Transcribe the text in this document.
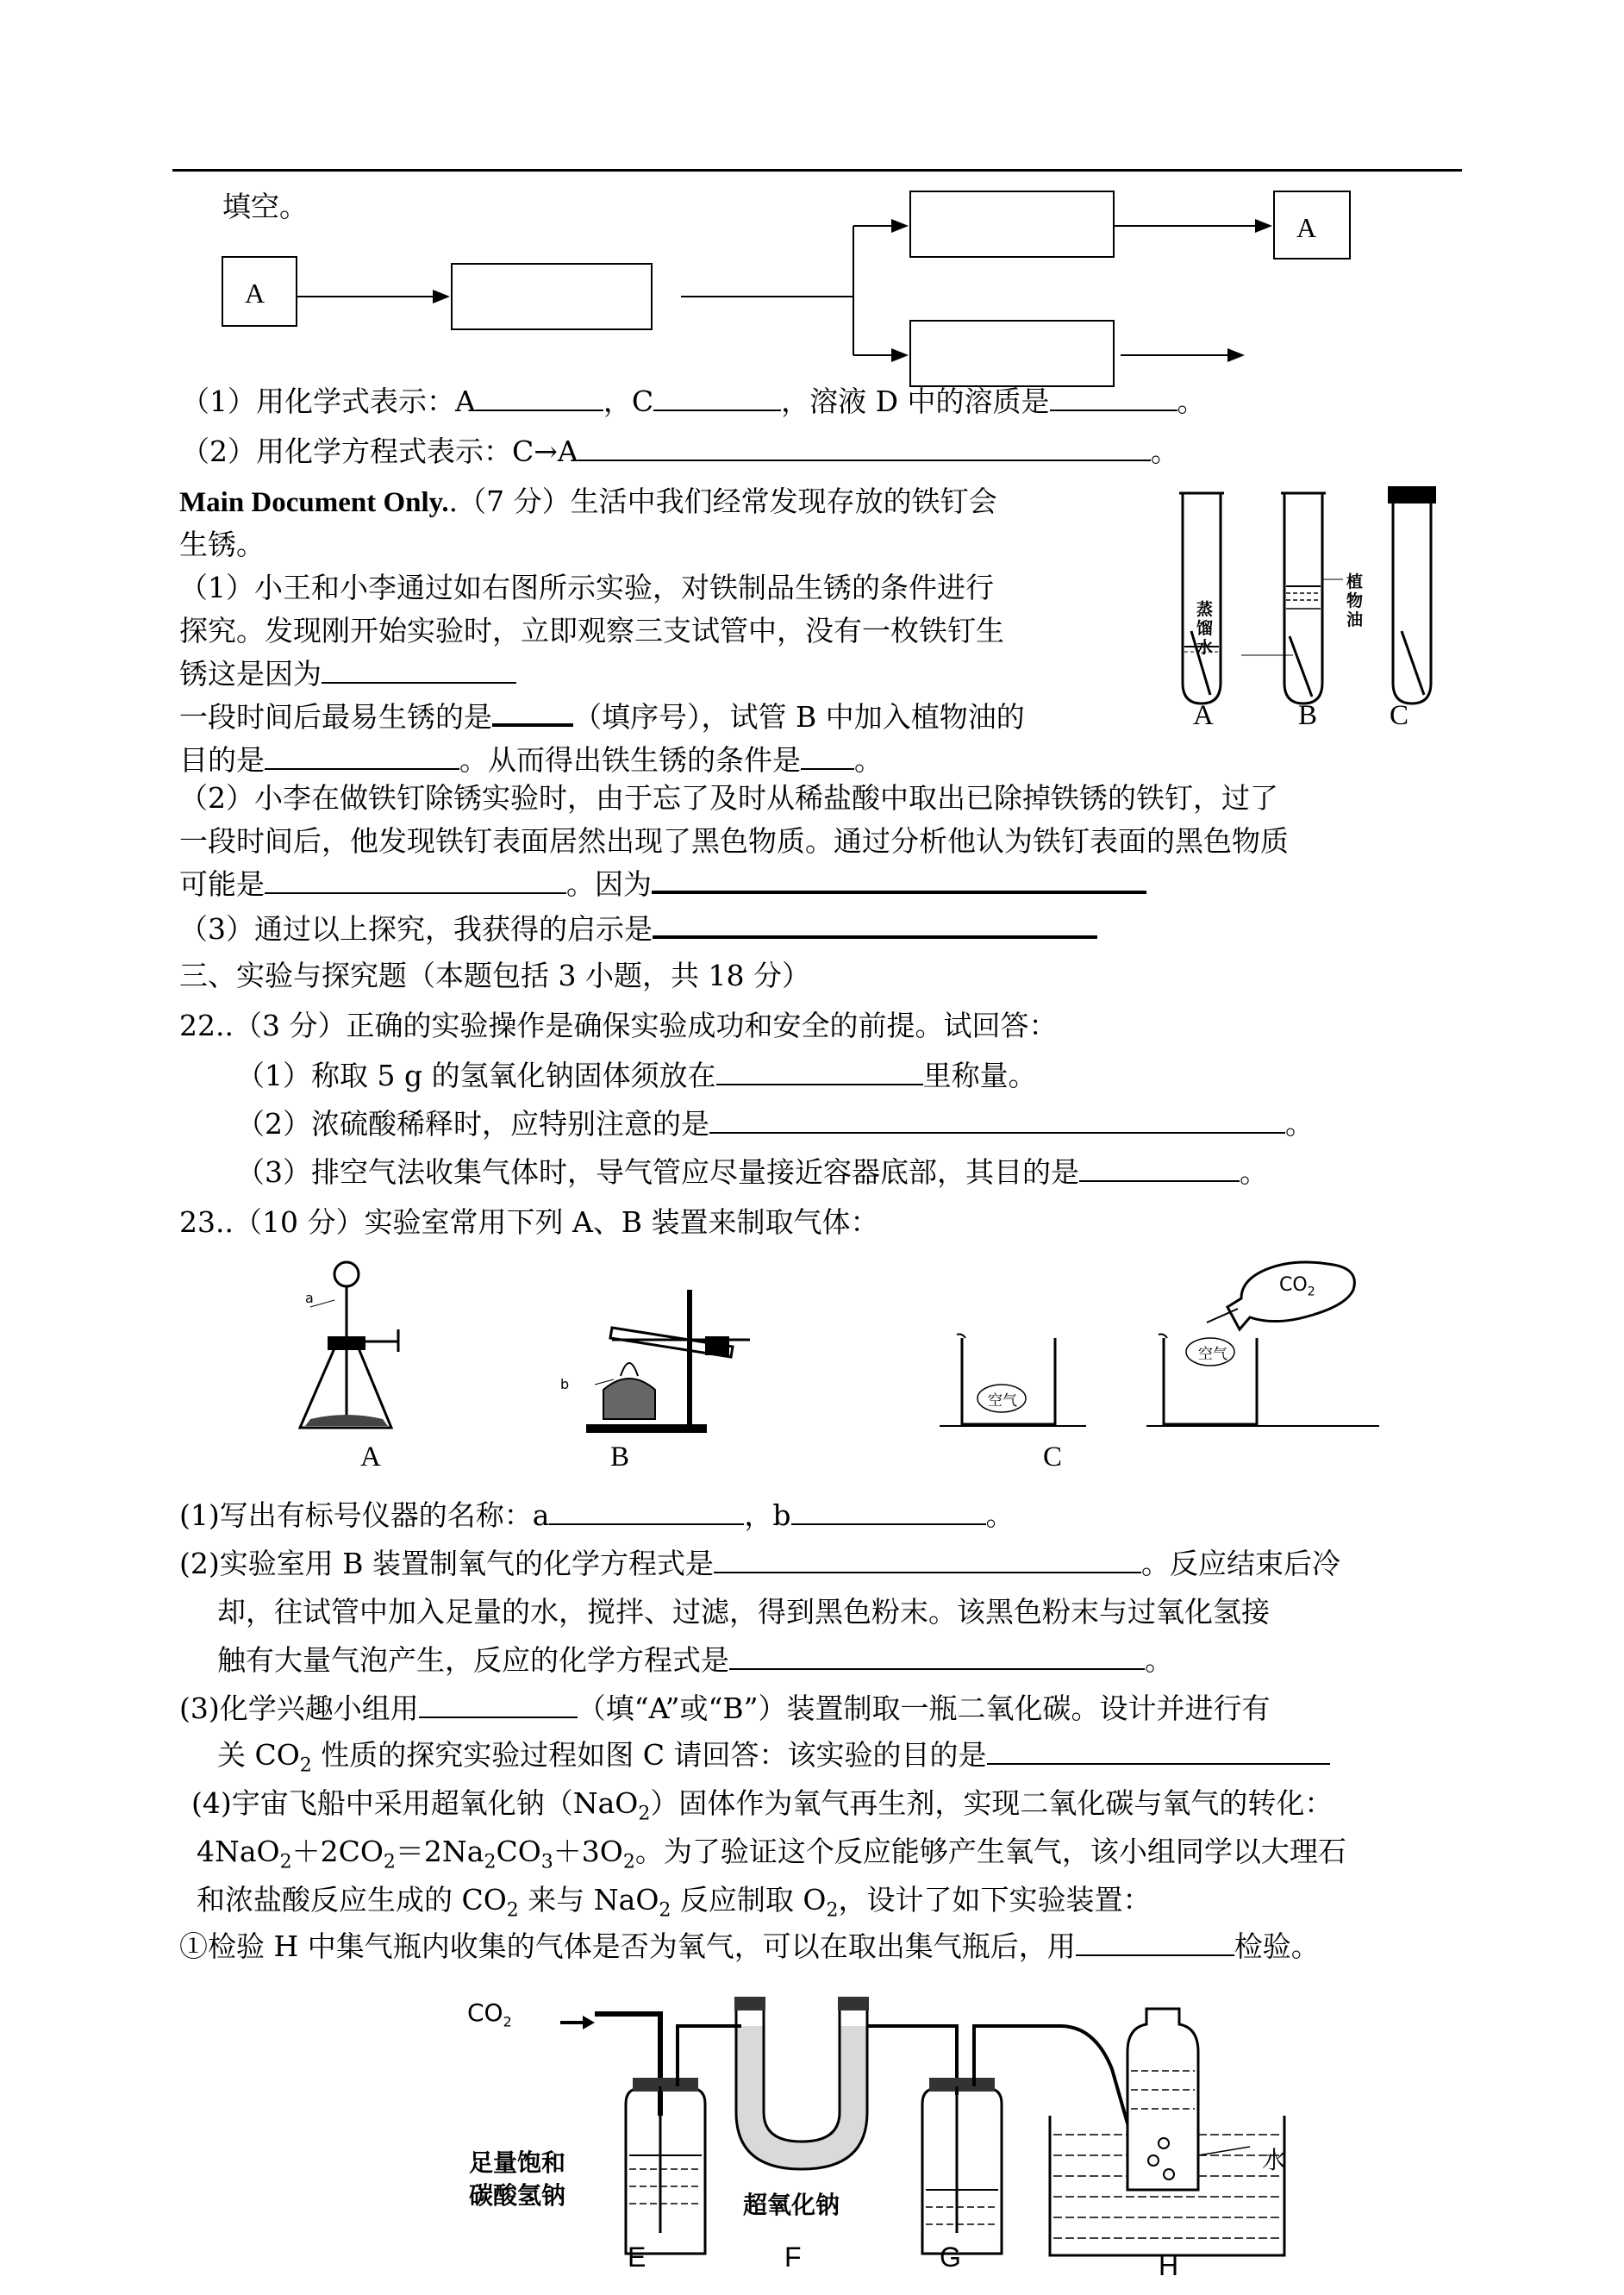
填空。
A
A
（1）用化学式表示：A	，C	，溶液 D 中的溶质是	。
（2）用化学方程式表示：C→A	。
Main Document Only..（7 分）生活中我们经常发现存放的铁钉会
生锈。
（1）小王和小李通过如右图所示实验，对铁制品生锈的条件进行
探究。发现刚开始实验时，立即观察三支试管中，没有一枚铁钉生
锈这是因为
一段时间后最易生锈的是	（填序号），试管 B 中加入植物油的
目的是	。从而得出铁生锈的条件是 。
植物油
蒸馏水
A	B	C
（2）小李在做铁钉除锈实验时，由于忘了及时从稀盐酸中取出已除掉铁锈的铁钉，过了
一段时间后，他发现铁钉表面居然出现了黑色物质。通过分析他认为铁钉表面的黑色物质
可能是	。因为
（3）通过以上探究，我获得的启示是
三、实验与探究题（本题包括 3 小题，共 18 分）
22..（3 分）正确的实验操作是确保实验成功和安全的前提。试回答：
（1）称取 5 g 的氢氧化钠固体须放在	里称量。
（2）浓硫酸稀释时，应特别注意的是	。
（3）排空气法收集气体时，导气管应尽量接近容器底部，其目的是	。
23..（10 分）实验室常用下列 A、B 装置来制取气体：
a
b
空气
空气
$CO_2$
A	B	C
(1)写出有标号仪器的名称：a	，b	。
(2)实验室用 B 装置制氧气的化学方程式是	。反应结束后冷
却，往试管中加入足量的水，搅拌、过滤，得到黑色粉末。该黑色粉末与过氧化氢接
触有大量气泡产生，反应的化学方程式是	。
(3)化学兴趣小组用	（填“A”或“B”）装置制取一瓶二氧化碳。设计并进行有
关 $CO_2$ 性质的探究实验过程如图 C 请回答：该实验的目的是
(4)宇宙飞船中采用超氧化钠（NaO$_2$）固体作为氧气再生剂，实现二氧化碳与氧气的转化：
$4NaO_2+2CO_2=2Na_2CO_3+3O_2$。为了验证这个反应能够产生氧气，该小组同学以大理石
和浓盐酸反应生成的 $CO_2$ 来与 NaO$_2$ 反应制取 $O_2$，设计了如下实验装置：
①检验 H 中集气瓶内收集的气体是否为氧气，可以在取出集气瓶后，用	检验。
$CO_2$
足量饱和
碳酸氢钠	超氧化钠
水
E	F	G	H
